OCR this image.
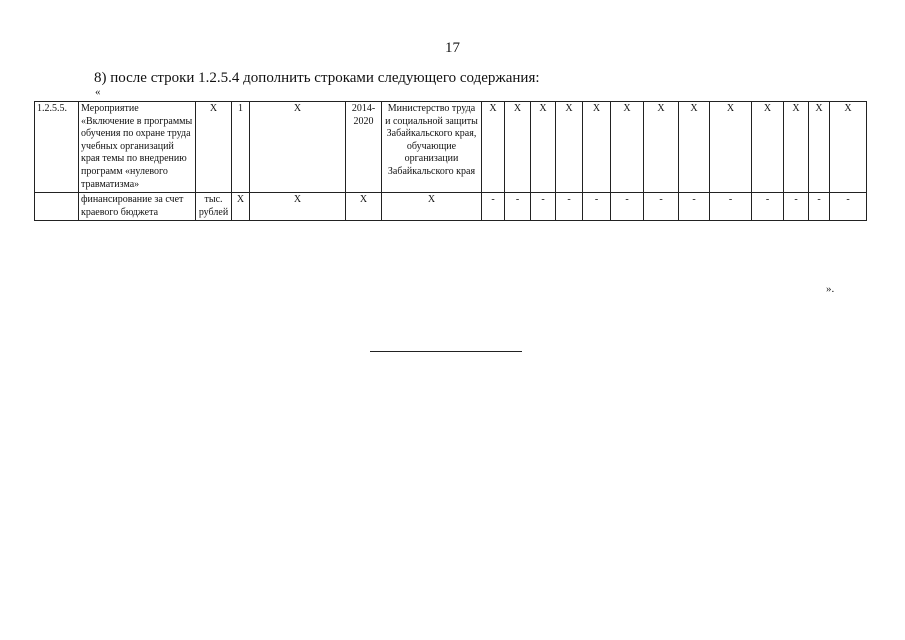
17
8) после строки 1.2.5.4 дополнить строками следующего содержания:
«
1.2.5.5.	Мероприятие «Включение в программы обучения по охране труда учебных организаций края темы по внедрению программ «нулевого травматизма»	Х	1	Х	2014-2020	Министерство труда и социальной защиты Забайкальского края, обучающие организации Забайкальского края	Х	Х	Х	Х	Х	Х	Х	Х	Х	Х	Х	Х	Х
	финансирование за счет краевого бюджета	тыс. рублей	Х	Х	Х	Х	-	-	-	-	-	-	-	-	-	-	-	-	-
».
